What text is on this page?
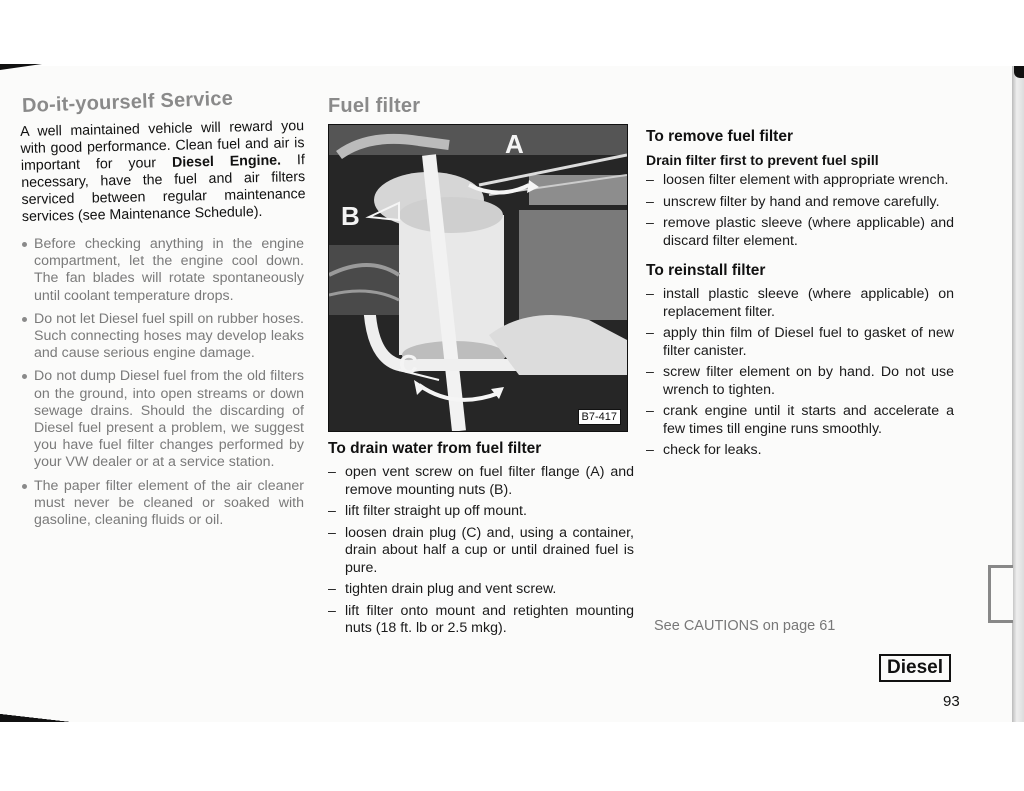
Do-it-yourself Service

A well maintained vehicle will reward you with good performance. Clean fuel and air is important for your Diesel Engine. If necessary, have the fuel and air filters serviced between regular maintenance services (see Maintenance Schedule).

Before checking anything in the engine compartment, let the engine cool down. The fan blades will rotate spontaneously until coolant temperature drops.
Do not let Diesel fuel spill on rubber hoses. Such connecting hoses may develop leaks and cause serious engine damage.
Do not dump Diesel fuel from the old filters on the ground, into open streams or down sewage drains. Should the discarding of Diesel fuel present a problem, we suggest you have fuel filter changes performed by your VW dealer or at a service station.
The paper filter element of the air cleaner must never be cleaned or soaked with gasoline, cleaning fluids or oil.
Fuel filter
A
B
C
B7-417
To drain water from fuel filter
– open vent screw on fuel filter flange (A) and remove mounting nuts (B).
– lift filter straight up off mount.
– loosen drain plug (C) and, using a container, drain about half a cup or until drained fuel is pure.
– tighten drain plug and vent screw.
– lift filter onto mount and retighten mounting nuts (18 ft. lb or 2.5 mkg).
To remove fuel filter
Drain filter first to prevent fuel spill
– loosen filter element with appropriate wrench.
– unscrew filter by hand and remove carefully.
– remove plastic sleeve (where applicable) and discard filter element.
To reinstall filter
– install plastic sleeve (where applicable) on replacement filter.
– apply thin film of Diesel fuel to gasket of new filter canister.
– screw filter element on by hand. Do not use wrench to tighten.
– crank engine until it starts and accelerate a few times till engine runs smoothly.
– check for leaks.
See CAUTIONS on page 61
Diesel
93
